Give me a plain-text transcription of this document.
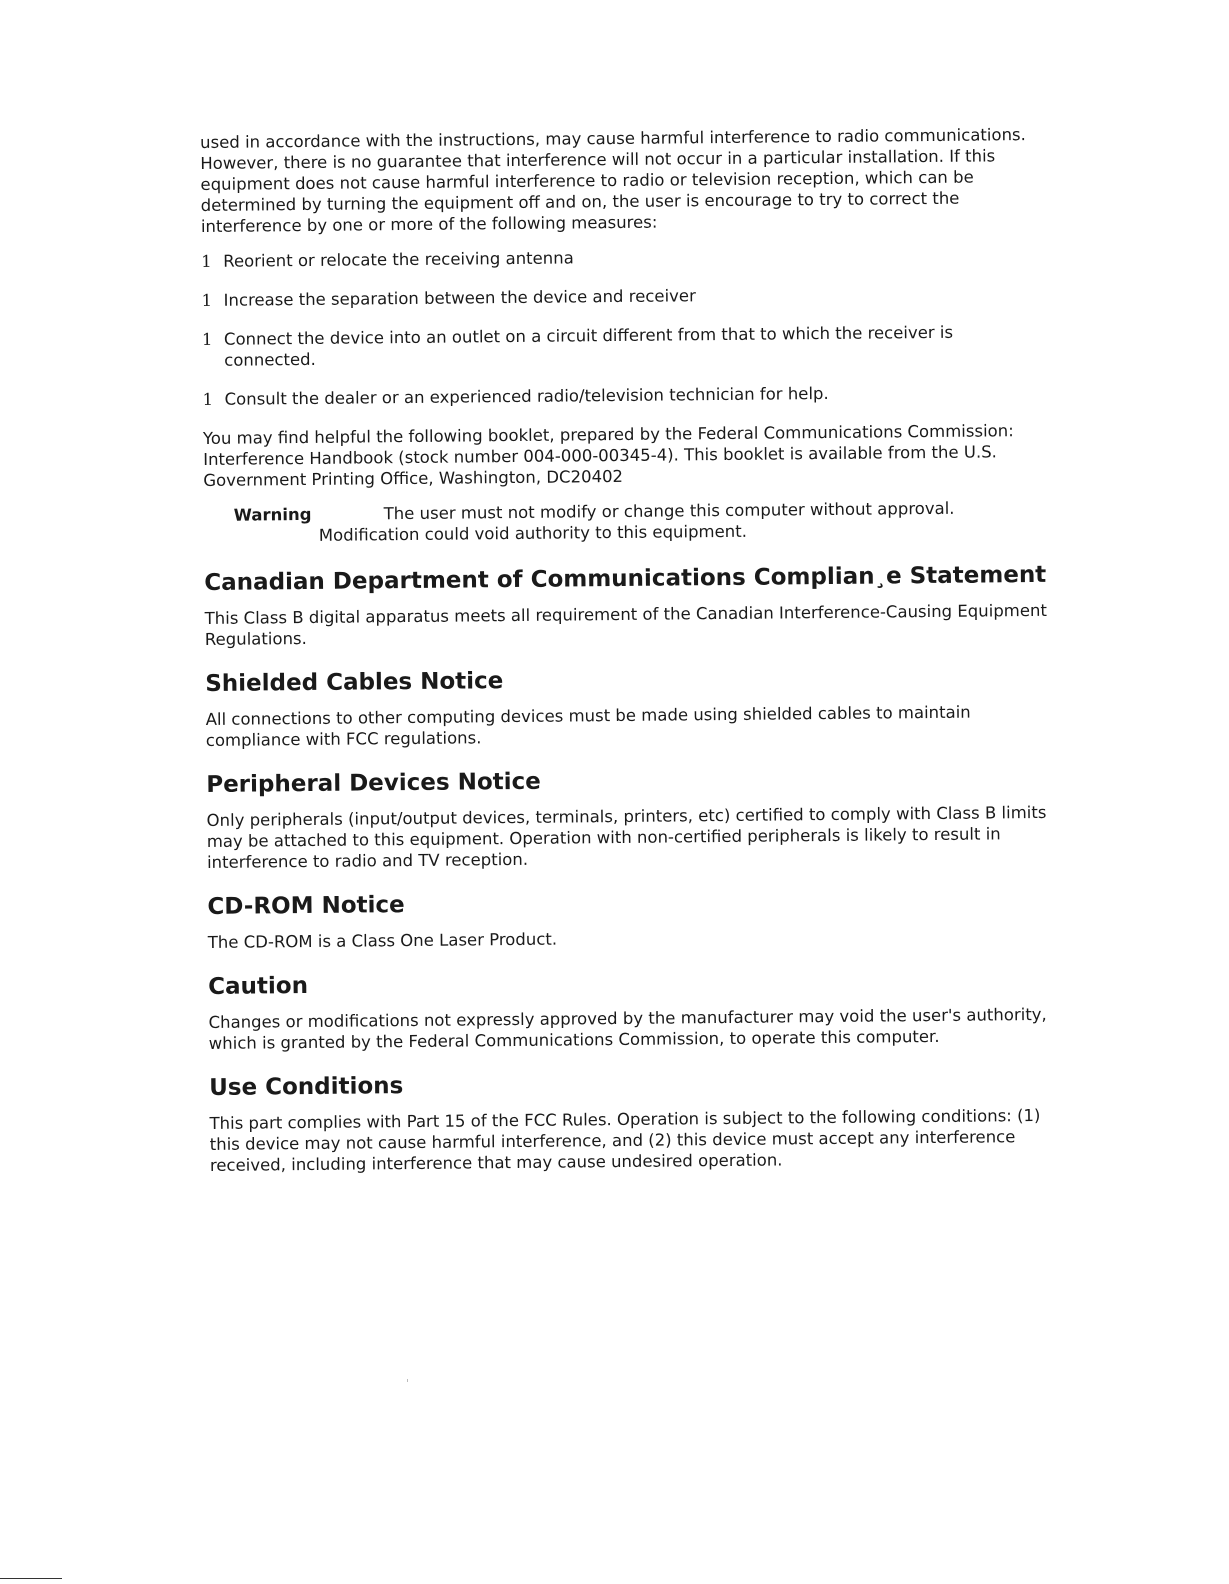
used in accordance with the instructions, may cause harmful interference to radio communications. However, there is no guarantee that interference will not occur in a particular installation. If this equipment does not cause harmful interference to radio or television reception, which can be determined by turning the equipment off and on, the user is encourage to try to correct the interference by one or more of the following measures:

1 Reorient or relocate the receiving antenna
1 Increase the separation between the device and receiver
1 Connect the device into an outlet on a circuit different from that to which the receiver is connected.
1 Consult the dealer or an experienced radio/television technician for help.

You may find helpful the following booklet, prepared by the Federal Communications Commission: Interference Handbook (stock number 004-000-00345-4). This booklet is available from the U.S. Government Printing Office, Washington, DC20402

Warning	The user must not modify or change this computer without approval.
Modification could void authority to this equipment.
Canadian Department of Communications Complian¸e Statement

This Class B digital apparatus meets all requirement of the Canadian Interference-Causing Equipment Regulations.

Shielded Cables Notice

All connections to other computing devices must be made using shielded cables to maintain compliance with FCC regulations.

Peripheral Devices Notice

Only peripherals (input/output devices, terminals, printers, etc) certified to comply with Class B limits may be attached to this equipment. Operation with non-certified peripherals is likely to result in interference to radio and TV reception.

CD-ROM Notice

The CD-ROM is a Class One Laser Product.

Caution

Changes or modifications not expressly approved by the manufacturer may void the user's authority, which is granted by the Federal Communications Commission, to operate this computer.

Use Conditions

This part complies with Part 15 of the FCC Rules. Operation is subject to the following conditions: (1) this device may not cause harmful interference, and (2) this device must accept any interference received, including interference that may cause undesired operation.
